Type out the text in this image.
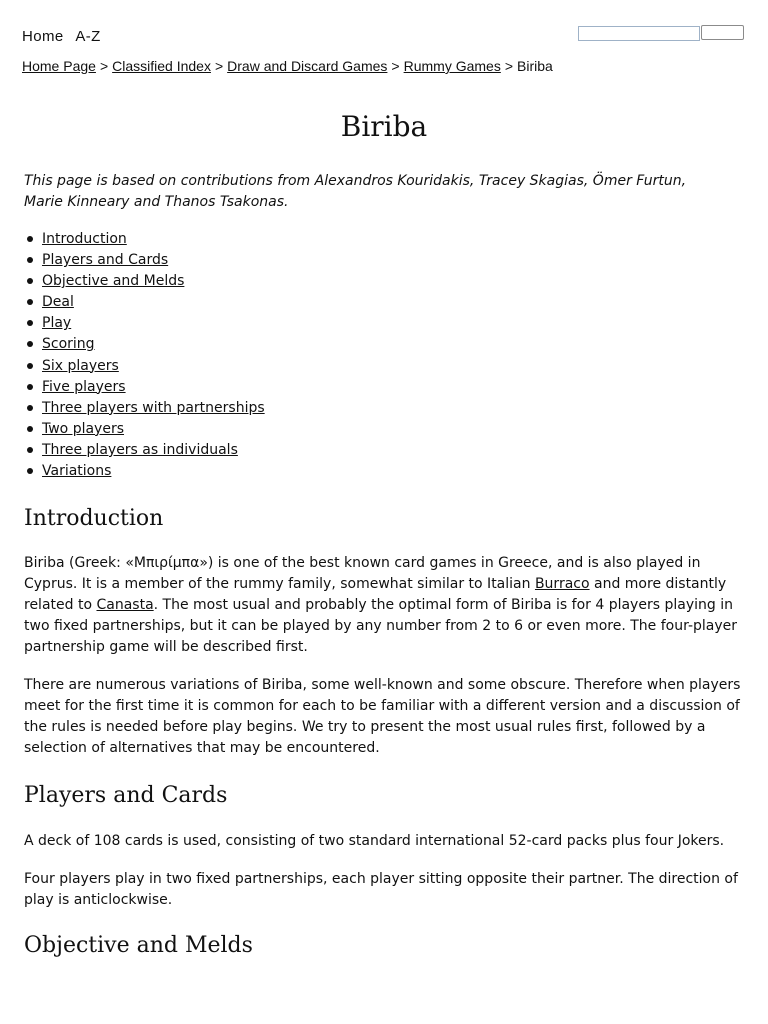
Home A-Z
Home Page > Classified Index > Draw and Discard Games > Rummy Games > Biriba
Biriba

This page is based on contributions from Alexandros Kouridakis, Tracey Skagias, Ömer Furtun, Marie Kinneary and Thanos Tsakonas.

Introduction
Players and Cards
Objective and Melds
Deal
Play
Scoring
Six players
Five players
Three players with partnerships
Two players
Three players as individuals
Variations
Introduction

Biriba (Greek: «Μπιρίμπα») is one of the best known card games in Greece, and is also played in Cyprus. It is a member of the rummy family, somewhat similar to Italian Burraco and more distantly related to Canasta. The most usual and probably the optimal form of Biriba is for 4 players playing in two fixed partnerships, but it can be played by any number from 2 to 6 or even more. The four-player partnership game will be described first.

There are numerous variations of Biriba, some well-known and some obscure. Therefore when players meet for the first time it is common for each to be familiar with a different version and a discussion of the rules is needed before play begins. We try to present the most usual rules first, followed by a selection of alternatives that may be encountered.

Players and Cards

A deck of 108 cards is used, consisting of two standard international 52-card packs plus four Jokers.

Four players play in two fixed partnerships, each player sitting opposite their partner. The direction of play is anticlockwise.

Objective and Melds
